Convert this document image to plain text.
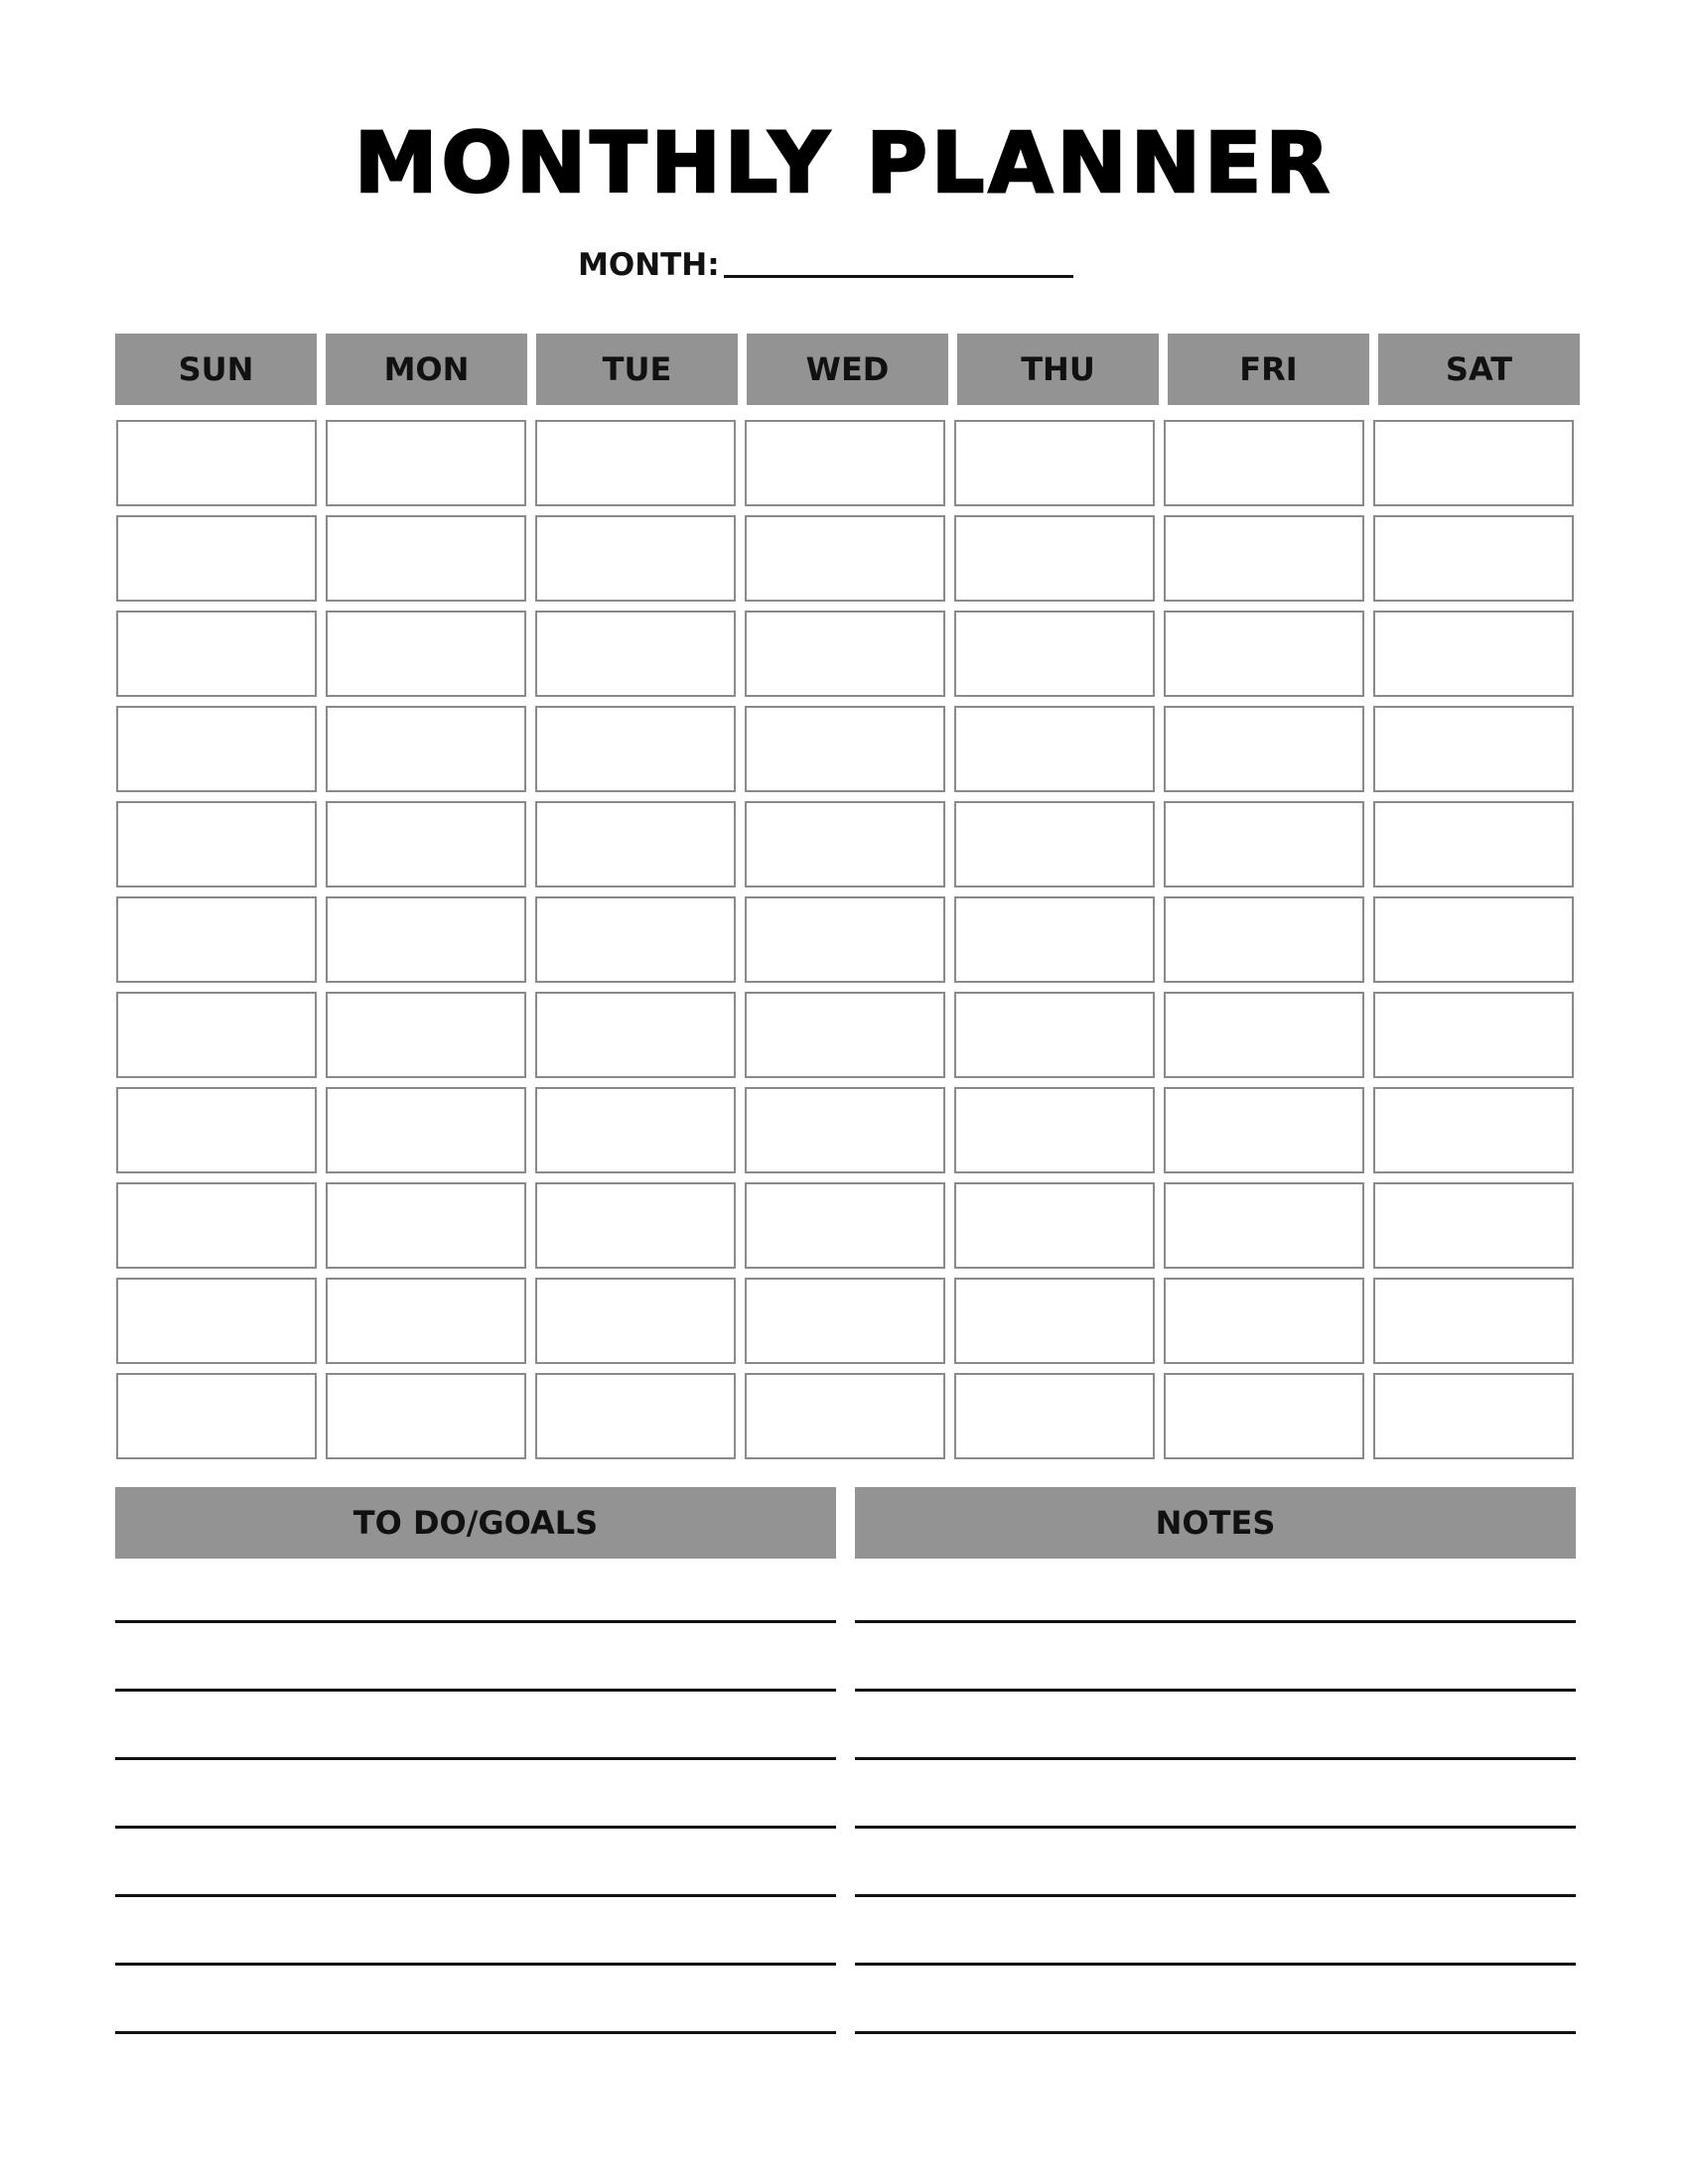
MONTHLY PLANNER
MONTH:
SUN	MON	TUE	WED	THU	FRI	SAT
TO DO/GOALS	NOTES
